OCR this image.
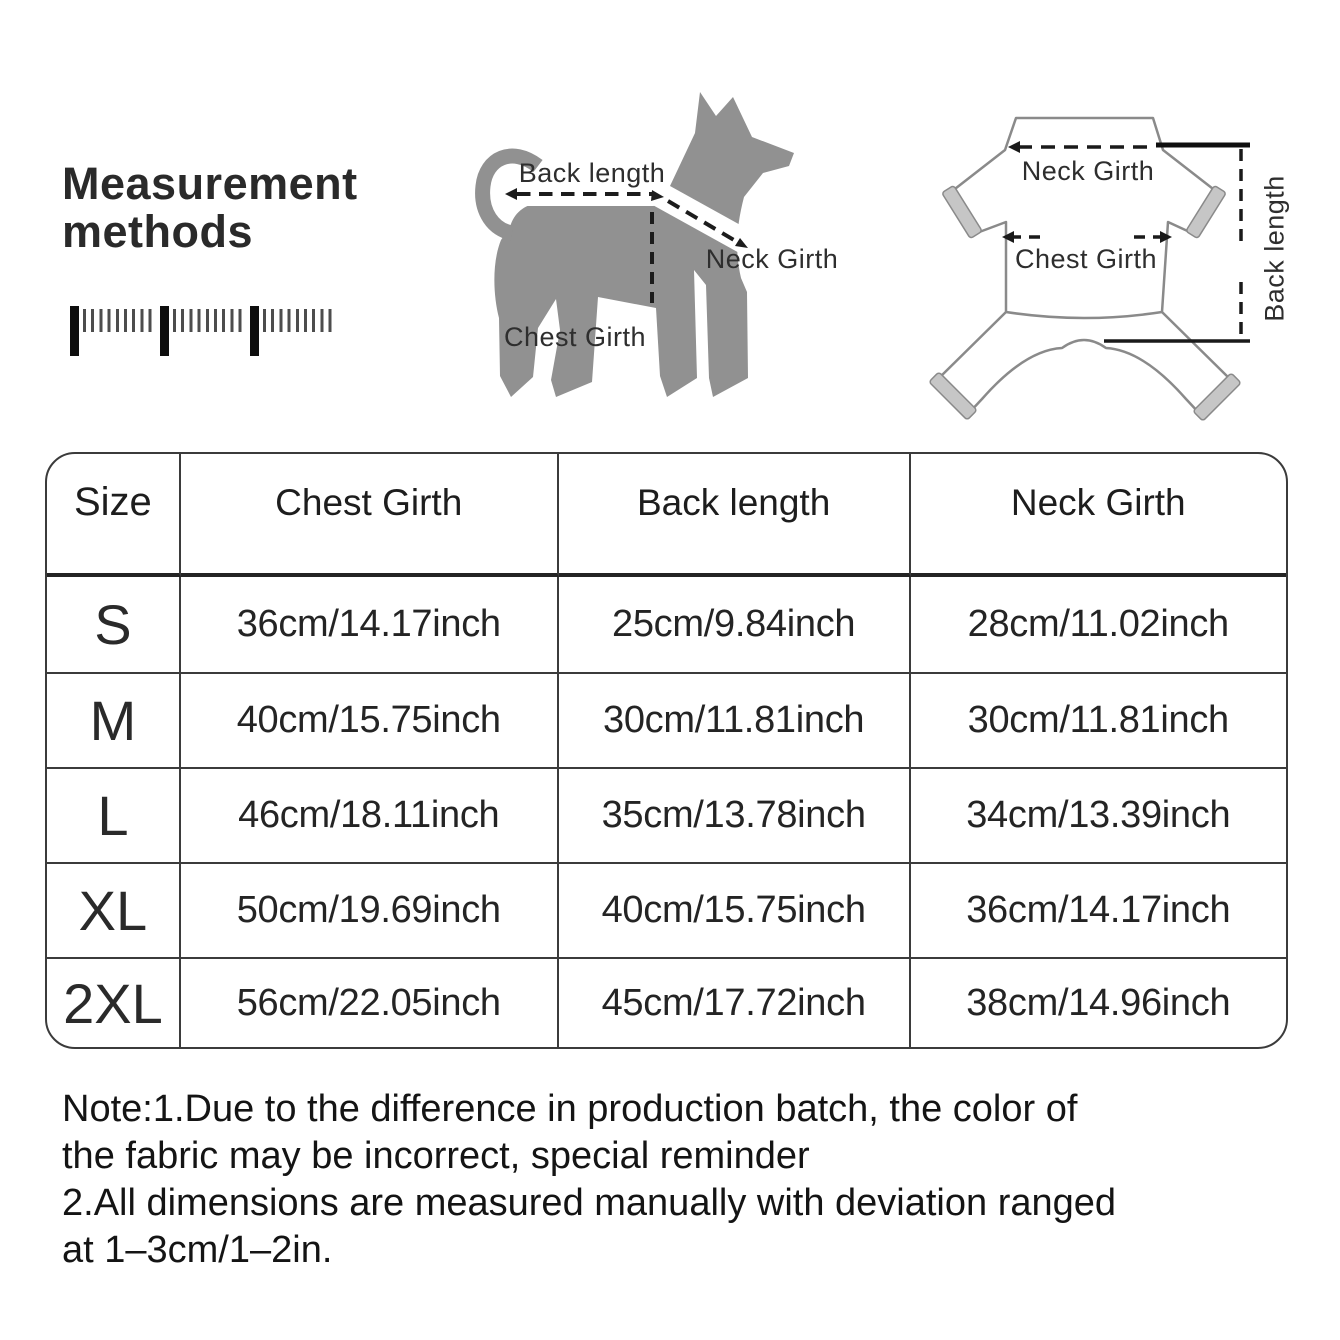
Measurement
methods
Back length
Neck Girth
Chest Girth
Neck Girth
Chest Girth	Back length
Size	Chest Girth	Back length	Neck Girth
S	36cm/14.17inch	25cm/9.84inch	28cm/11.02inch
M	40cm/15.75inch	30cm/11.81inch	30cm/11.81inch
L	46cm/18.11inch	35cm/13.78inch	34cm/13.39inch
XL	50cm/19.69inch	40cm/15.75inch	36cm/14.17inch
2XL	56cm/22.05inch	45cm/17.72inch	38cm/14.96inch
Note:1.Due to the difference in production batch, the color of
the fabric may be incorrect, special reminder
2.All dimensions are measured manually with deviation ranged
at 1–3cm/1–2in.
